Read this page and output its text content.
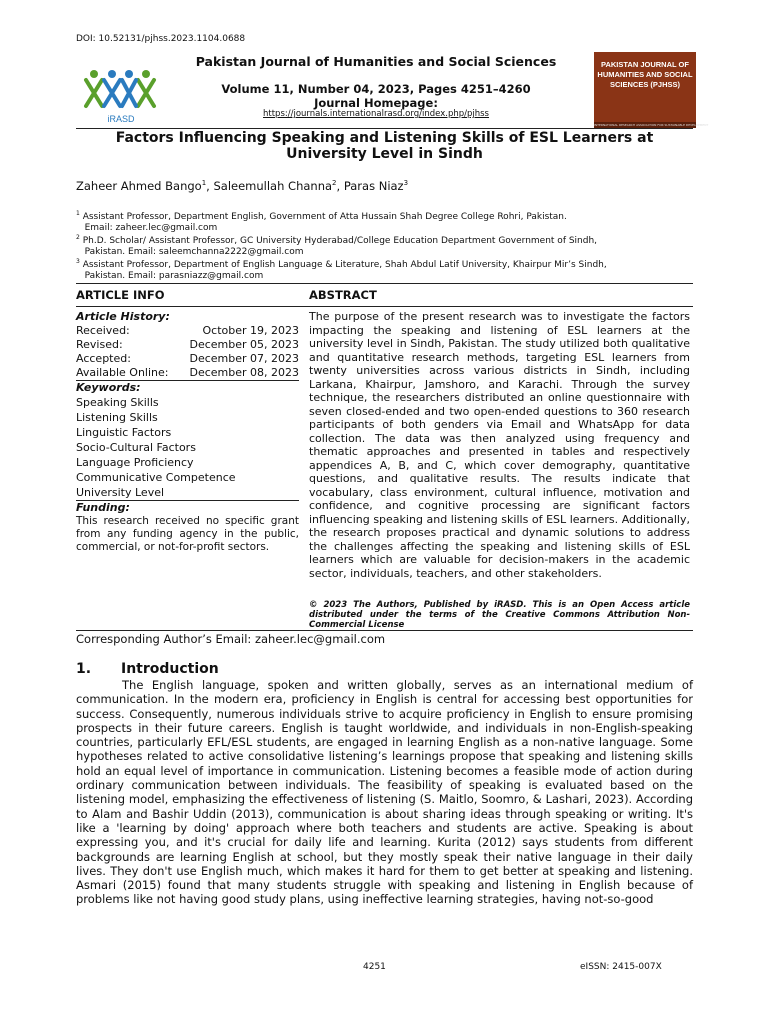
DOI: 10.52131/pjhss.2023.1104.0688
iRASD
Pakistan Journal of Humanities and Social Sciences
Volume 11, Number 04, 2023, Pages 4251–4260
Journal Homepage:
https://journals.internationalrasd.org/index.php/pjhss
PAKISTAN JOURNAL OF HUMANITIES AND SOCIAL SCIENCES (PJHSS)
INTERNATIONAL RESEARCH ASSOCIATION FOR SUSTAINABLE DEVELOPMENT
Factors Influencing Speaking and Listening Skills of ESL Learners at University Level in Sindh
Zaheer Ahmed Bango$^1$, Saleemullah Channa$^2$, Paras Niaz$^3$
$^1$ Assistant Professor, Department English, Government of Atta Hussain Shah Degree College Rohri, Pakistan.
Email: zaheer.lec@gmail.com
$^2$ Ph.D. Scholar/ Assistant Professor, GC University Hyderabad/College Education Department Government of Sindh,
Pakistan. Email: saleemchanna2222@gmail.com
$^3$ Assistant Professor, Department of English Language & Literature, Shah Abdul Latif University, Khairpur Mir’s Sindh,
Pakistan. Email: parasniazz@gmail.com
ARTICLE INFO	ABSTRACT
Article History:
Received:	October 19, 2023
Revised:	December 05, 2023
Accepted:	December 07, 2023
Available Online: December 08, 2023
Keywords:
Speaking Skills
Listening Skills
Linguistic Factors
Socio-Cultural Factors
Language Proficiency
Communicative Competence
University Level
Funding:
This research received no specific grant from any funding agency in the public, commercial, or not-for-profit sectors.
The purpose of the present research was to investigate the factors impacting the speaking and listening of ESL learners at the university level in Sindh, Pakistan. The study utilized both qualitative and quantitative research methods, targeting ESL learners from twenty universities across various districts in Sindh, including Larkana, Khairpur, Jamshoro, and Karachi. Through the survey technique, the researchers distributed an online questionnaire with seven closed-ended and two open-ended questions to 360 research participants of both genders via Email and WhatsApp for data collection. The data was then analyzed using frequency and thematic approaches and presented in tables and respectively appendices A, B, and C, which cover demography, quantitative questions, and qualitative results. The results indicate that vocabulary, class environment, cultural influence, motivation and confidence, and cognitive processing are significant factors influencing speaking and listening skills of ESL learners. Additionally, the research proposes practical and dynamic solutions to address the challenges affecting the speaking and listening skills of ESL learners which are valuable for decision-makers in the academic sector, individuals, teachers, and other stakeholders.
© 2023 The Authors, Published by iRASD. This is an Open Access article distributed under the terms of the Creative Commons Attribution Non-Commercial License
Corresponding Author’s Email: zaheer.lec@gmail.com
1. Introduction
The English language, spoken and written globally, serves as an international medium of communication. In the modern era, proficiency in English is central for accessing best opportunities for success. Consequently, numerous individuals strive to acquire proficiency in English to ensure promising prospects in their future careers. English is taught worldwide, and individuals in non-English-speaking countries, particularly EFL/ESL students, are engaged in learning English as a non-native language. Some hypotheses related to active consolidative listening’s learnings propose that speaking and listening skills hold an equal level of importance in communication. Listening becomes a feasible mode of action during ordinary communication between individuals. The feasibility of speaking is evaluated based on the listening model, emphasizing the effectiveness of listening (S. Maitlo, Soomro, & Lashari, 2023). According to Alam and Bashir Uddin (2013), communication is about sharing ideas through speaking or writing. It's like a 'learning by doing' approach where both teachers and students are active. Speaking is about expressing you, and it's crucial for daily life and learning. Kurita (2012) says students from different backgrounds are learning English at school, but they mostly speak their native language in their daily lives. They don't use English much, which makes it hard for them to get better at speaking and listening. Asmari (2015) found that many students struggle with speaking and listening in English because of problems like not having good study plans, using ineffective learning strategies, having not-so-good
4251	eISSN: 2415-007X
